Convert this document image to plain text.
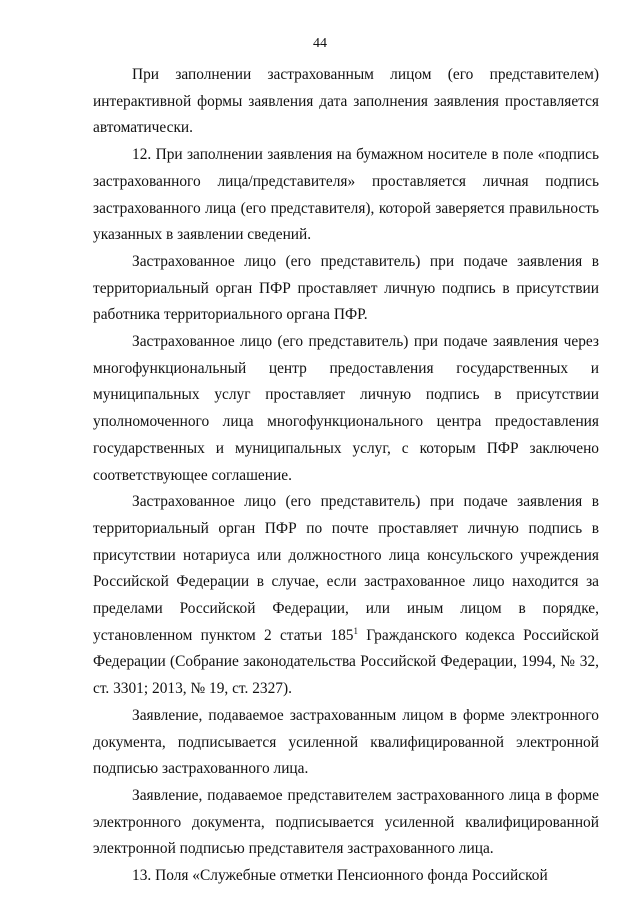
44

При заполнении застрахованным лицом (его представителем) интерактивной формы заявления дата заполнения заявления проставляется автоматически.

12. При заполнении заявления на бумажном носителе в поле «подпись застрахованного лица/представителя» проставляется личная подпись застрахованного лица (его представителя), которой заверяется правильность указанных в заявлении сведений.

Застрахованное лицо (его представитель) при подаче заявления в территориальный орган ПФР проставляет личную подпись в присутствии работника территориального органа ПФР.

Застрахованное лицо (его представитель) при подаче заявления через многофункциональный центр предоставления государственных и муниципальных услуг проставляет личную подпись в присутствии уполномоченного лица многофункционального центра предоставления государственных и муниципальных услуг, с которым ПФР заключено соответствующее соглашение.

Застрахованное лицо (его представитель) при подаче заявления в территориальный орган ПФР по почте проставляет личную подпись в присутствии нотариуса или должностного лица консульского учреждения Российской Федерации в случае, если застрахованное лицо находится за пределами Российской Федерации, или иным лицом в порядке, установленном пунктом 2 статьи $185^1$ Гражданского кодекса Российской Федерации (Собрание законодательства Российской Федерации, 1994, № 32, ст. 3301; 2013, № 19, ст. 2327).

Заявление, подаваемое застрахованным лицом в форме электронного документа, подписывается усиленной квалифицированной электронной подписью застрахованного лица.

Заявление, подаваемое представителем застрахованного лица в форме электронного документа, подписывается усиленной квалифицированной электронной подписью представителя застрахованного лица.

13. Поля «Служебные отметки Пенсионного фонда Российской
